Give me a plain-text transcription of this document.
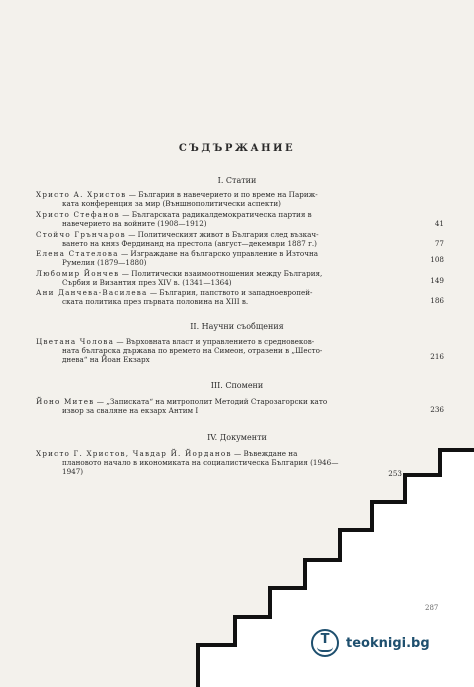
СЪДЪРЖАНИЕ
I. Статии
Христо А. Христов — България в навечерието и по време на Париж-
ката конференция за мир (Външнополитически аспекти)
Христо Стефанов — Българската радикалдемократическа партия в
навечерието на войните (1908—1912)	41
Стойчо Грънчаров — Политическият живот в България след възкач-
ването на княз Фердинанд на престола (август—декември 1887 г.)	77
Елена Стателова — Изграждане на българско управление в Източна
Румелия (1879—1880)	108
Любомир Йончев — Политически взаимоотношения между България,
Сърбия и Византия през XIV в. (1341—1364)	149
Ани Данчева-Василева — България, папството и западноевропей-
ската политика през първата половина на XIII в.	186
II. Научни съобщения
Цветана Чолова — Върховната власт и управлението в средновеков-
ната българска държава по времето на Симеон, отразени в „Шесто-
днева“ на Йоан Екзарх	216
III. Спомени
Йоно Митев — „Записката“ на митрополит Методий Старозагорски като
извор за сваляне на екзарх Антим I	236
IV. Документи
Христо Г. Христов, Чавдар Й. Йорданов — Въвеждане на
плановото начало в икономиката на социалистическа България (1946—
1947)	253
287
T	teoknigi.bg
